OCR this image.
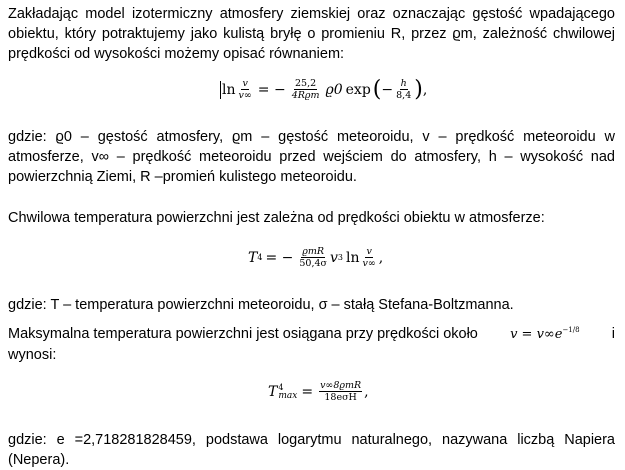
Zakładając model izotermiczny atmosfery ziemskiej oraz oznaczając gęstość wpadającego obiektu, który potraktujemy jako kulistą bryłę o promieniu R, przez ϱm, zależność chwilowej prędkości od wysokości możemy opisać równaniem:

$\ln \frac{v}{v\infty}$ = − $\frac{25,2}{\text{4Rϱm}} ϱ0$ exp ( − $\frac{h}{8,4}$ ) ,

gdzie: ϱ0 – gęstość atmosfery, ϱm – gęstość meteoroidu, v – prędkość meteoroidu w atmosferze, v∞ – prędkość meteoroidu przed wejściem do atmosfery, h – wysokość nad powierzchnią Ziemi, R –promień kulistego meteoroidu.

Chwilowa temperatura powierzchni jest zależna od prędkości obiektu w atmosferze:

T 4 = − $\frac{\text{ϱmR}}{50,4\sigma}$ v 3 $\ln \frac{v}{v\infty}$ ,

gdzie: T – temperatura powierzchni meteoroidu, σ – stałą Stefana-Boltzmanna.

Maksymalna temperatura powierzchni jest osiągana przy prędkości około $v = v\infty e^{-1/8}$ i
wynosi:
T 4
$\max = \frac{\text{v∞8ϱmR}}{\text{18eσH}}$ ,

gdzie: e =2,718281828459, podstawa logarytmu naturalnego, nazywana liczbą Napiera (Nepera).
